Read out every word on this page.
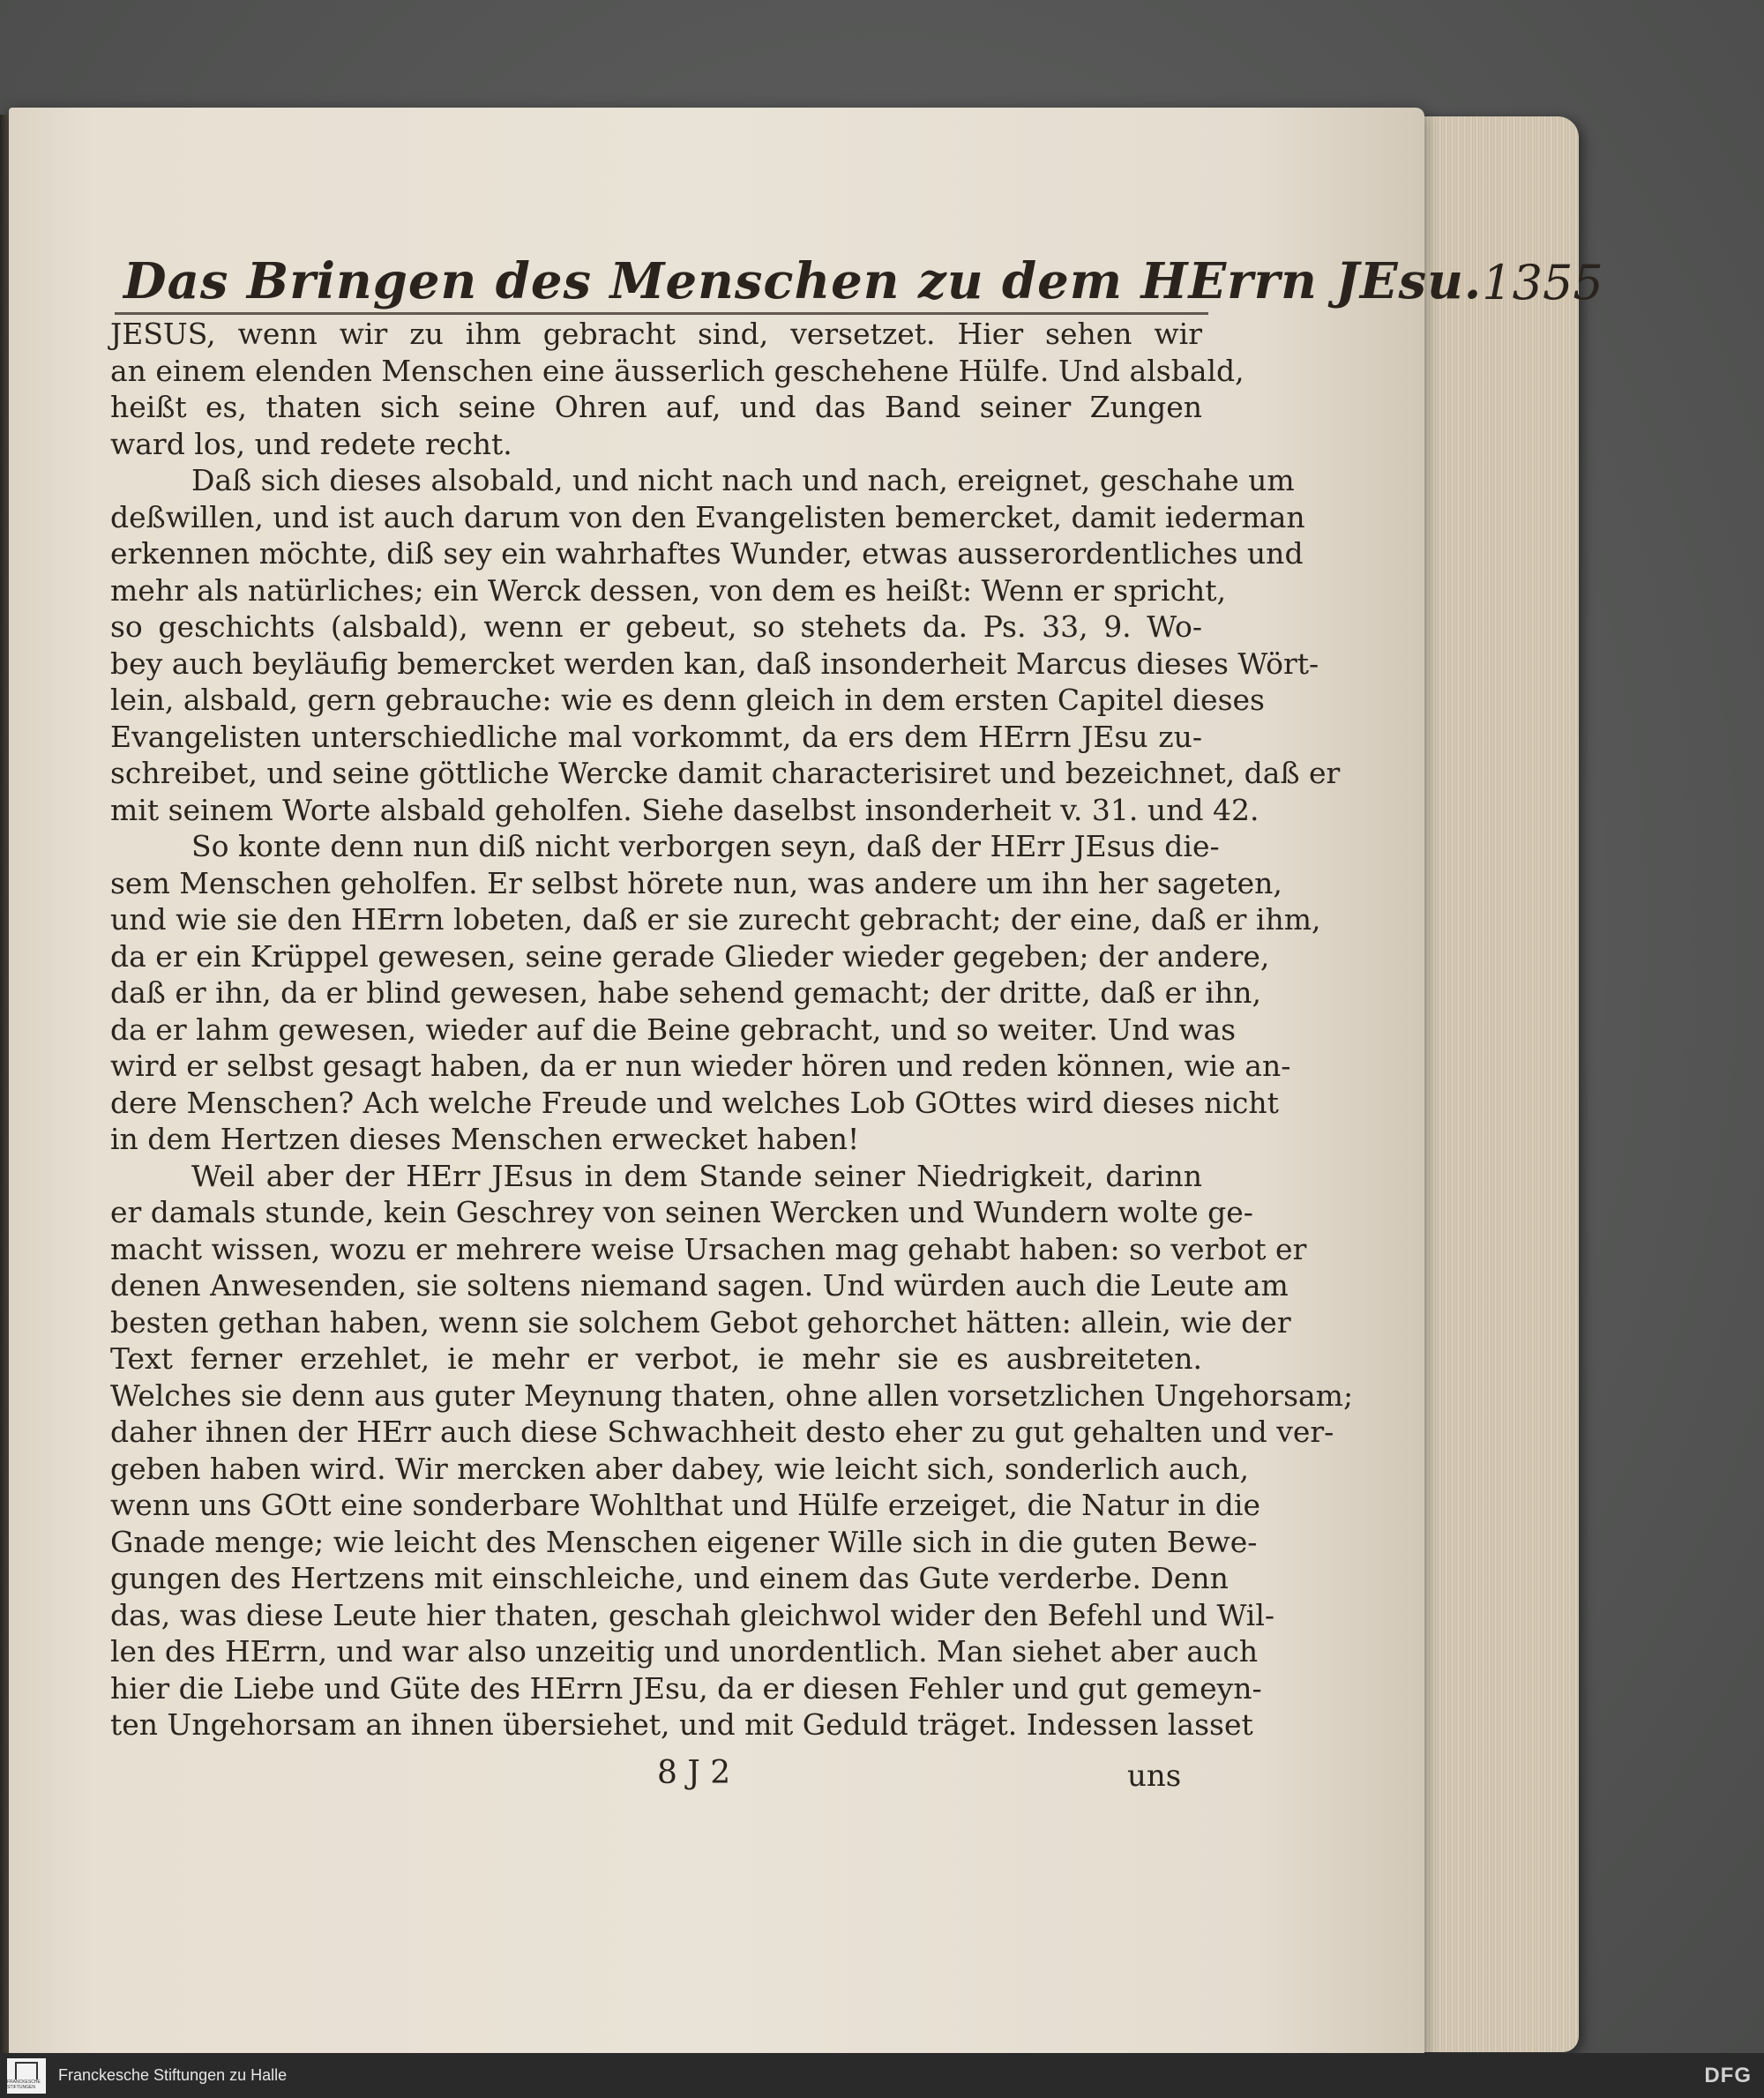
Das Bringen des Menschen zu dem HErrn JEsu. 1355
JESUS, wenn wir zu ihm gebracht sind, versetzet. Hier sehen wir
an einem elenden Menschen eine äusserlich geschehene Hülfe. Und alsbald,
heißt es, thaten sich seine Ohren auf, und das Band seiner Zungen
ward los, und redete recht.
Daß sich dieses alsobald, und nicht nach und nach, ereignet, geschahe um
deßwillen, und ist auch darum von den Evangelisten bemercket, damit iederman
erkennen möchte, diß sey ein wahrhaftes Wunder, etwas ausserordentliches und
mehr als natürliches; ein Werck dessen, von dem es heißt: Wenn er spricht,
so geschichts (alsbald), wenn er gebeut, so stehets da. Ps. 33, 9. Wo-
bey auch beyläufig bemercket werden kan, daß insonderheit Marcus dieses Wört-
lein, alsbald, gern gebrauche: wie es denn gleich in dem ersten Capitel dieses
Evangelisten unterschiedliche mal vorkommt, da ers dem HErrn JEsu zu-
schreibet, und seine göttliche Wercke damit characterisiret und bezeichnet, daß er
mit seinem Worte alsbald geholfen. Siehe daselbst insonderheit v. 31. und 42.
So konte denn nun diß nicht verborgen seyn, daß der HErr JEsus die-
sem Menschen geholfen. Er selbst hörete nun, was andere um ihn her sageten,
und wie sie den HErrn lobeten, daß er sie zurecht gebracht; der eine, daß er ihm,
da er ein Krüppel gewesen, seine gerade Glieder wieder gegeben; der andere,
daß er ihn, da er blind gewesen, habe sehend gemacht; der dritte, daß er ihn,
da er lahm gewesen, wieder auf die Beine gebracht, und so weiter. Und was
wird er selbst gesagt haben, da er nun wieder hören und reden können, wie an-
dere Menschen? Ach welche Freude und welches Lob GOttes wird dieses nicht
in dem Hertzen dieses Menschen erwecket haben!
Weil aber der HErr JEsus in dem Stande seiner Niedrigkeit, darinn
er damals stunde, kein Geschrey von seinen Wercken und Wundern wolte ge-
macht wissen, wozu er mehrere weise Ursachen mag gehabt haben: so verbot er
denen Anwesenden, sie soltens niemand sagen. Und würden auch die Leute am
besten gethan haben, wenn sie solchem Gebot gehorchet hätten: allein, wie der
Text ferner erzehlet, ie mehr er verbot, ie mehr sie es ausbreiteten.
Welches sie denn aus guter Meynung thaten, ohne allen vorsetzlichen Ungehorsam;
daher ihnen der HErr auch diese Schwachheit desto eher zu gut gehalten und ver-
geben haben wird. Wir mercken aber dabey, wie leicht sich, sonderlich auch,
wenn uns GOtt eine sonderbare Wohlthat und Hülfe erzeiget, die Natur in die
Gnade menge; wie leicht des Menschen eigener Wille sich in die guten Bewe-
gungen des Hertzens mit einschleiche, und einem das Gute verderbe. Denn
das, was diese Leute hier thaten, geschah gleichwol wider den Befehl und Wil-
len des HErrn, und war also unzeitig und unordentlich. Man siehet aber auch
hier die Liebe und Güte des HErrn JEsu, da er diesen Fehler und gut gemeyn-
ten Ungehorsam an ihnen übersiehet, und mit Geduld träget. Indessen lasset
8 J 2	uns
FRANCKESCHE STIFTUNGEN
Franckesche Stiftungen zu Halle	DFG
